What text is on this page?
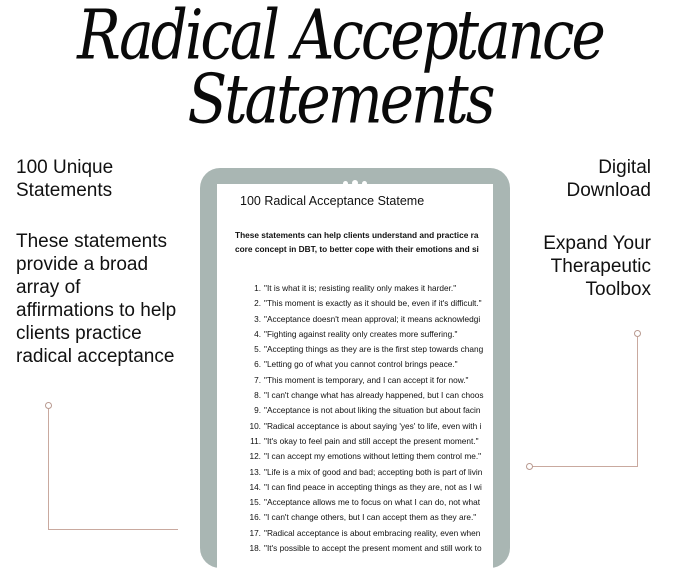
Radical Acceptance
Statements
100 Unique
Statements
These statements
provide a broad
array of
affirmations to help
clients practice
radical acceptance
Digital
Download
Expand Your
Therapeutic
Toolbox
100 Radical Acceptance Stateme
These statements can help clients understand and practice ra
core concept in DBT, to better cope with their emotions and si
1. "It is what it is; resisting reality only makes it harder."
2. "This moment is exactly as it should be, even if it's difficult."
3. "Acceptance doesn't mean approval; it means acknowledgi
4. "Fighting against reality only creates more suffering."
5. "Accepting things as they are is the first step towards chang
6. "Letting go of what you cannot control brings peace."
7. "This moment is temporary, and I can accept it for now."
8. "I can't change what has already happened, but I can choos
9. "Acceptance is not about liking the situation but about facin
10. "Radical acceptance is about saying 'yes' to life, even with i
11. "It's okay to feel pain and still accept the present moment."
12. "I can accept my emotions without letting them control me."
13. "Life is a mix of good and bad; accepting both is part of livin
14. "I can find peace in accepting things as they are, not as I wi
15. "Acceptance allows me to focus on what I can do, not what
16. "I can't change others, but I can accept them as they are."
17. "Radical acceptance is about embracing reality, even when
18. "It's possible to accept the present moment and still work to
